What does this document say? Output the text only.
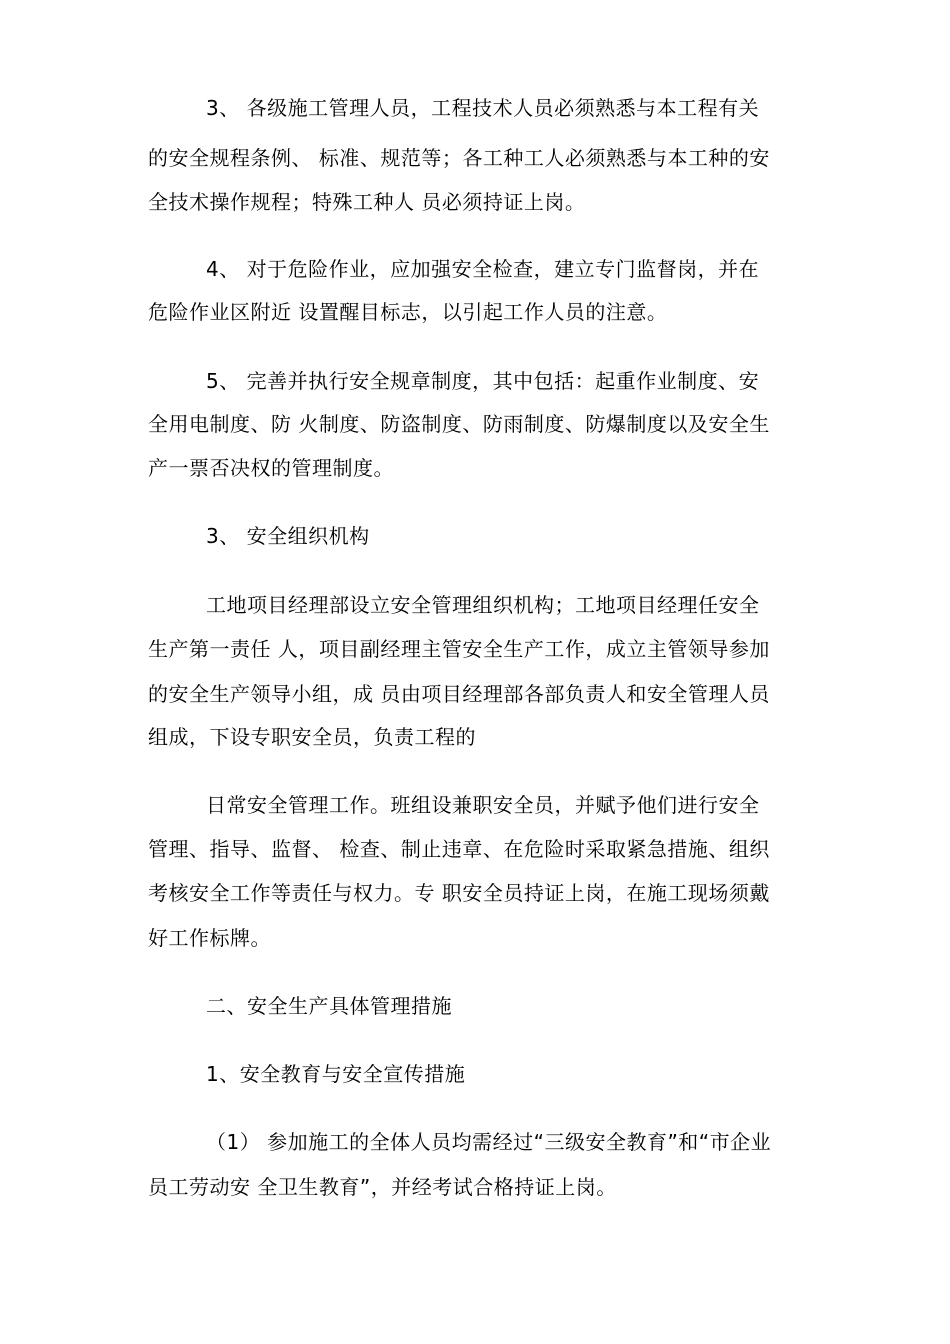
3、 各级施工管理人员，工程技术人员必须熟悉与本工程有关
的安全规程条例、 标准、规范等；各工种工人必须熟悉与本工种的安
全技术操作规程；特殊工种人 员必须持证上岗。
4、 对于危险作业，应加强安全检查，建立专门监督岗，并在
危险作业区附近 设置醒目标志，以引起工作人员的注意。
5、 完善并执行安全规章制度，其中包括：起重作业制度、安
全用电制度、防 火制度、防盗制度、防雨制度、防爆制度以及安全生
产一票否决权的管理制度。
3、 安全组织机构
工地项目经理部设立安全管理组织机构；工地项目经理任安全
生产第一责任 人，项目副经理主管安全生产工作，成立主管领导参加
的安全生产领导小组，成 员由项目经理部各部负责人和安全管理人员
组成，下设专职安全员，负责工程的
日常安全管理工作。班组设兼职安全员，并赋予他们进行安全
管理、指导、监督、 检查、制止违章、在危险时采取紧急措施、组织
考核安全工作等责任与权力。专 职安全员持证上岗，在施工现场须戴
好工作标牌。
二、安全生产具体管理措施
1、安全教育与安全宣传措施
（1） 参加施工的全体人员均需经过“三级安全教育”和“市企业
员工劳动安 全卫生教育”，并经考试合格持证上岗。
